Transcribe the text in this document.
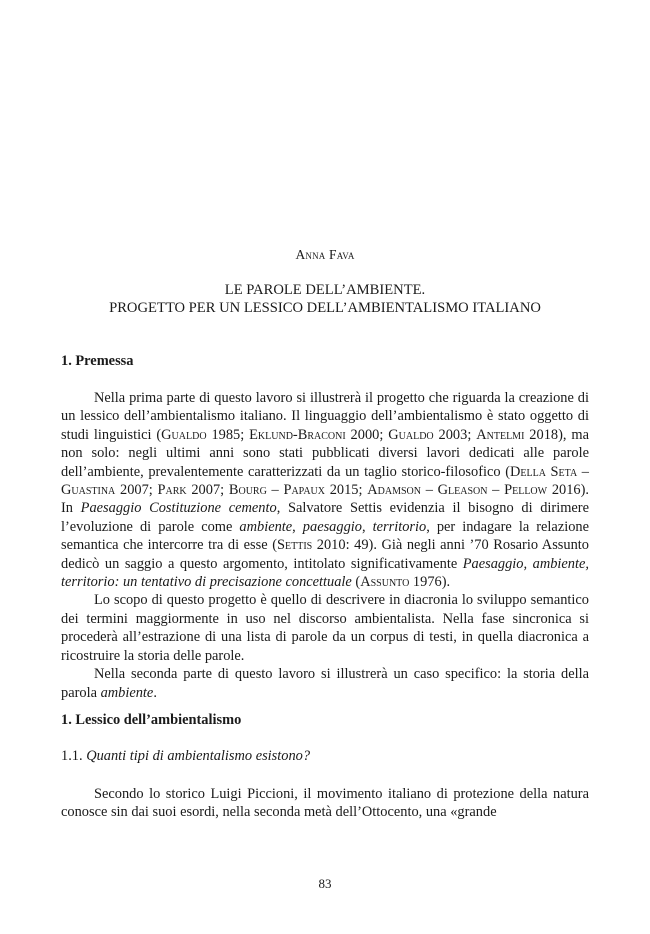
Anna Fava
LE PAROLE DELL’AMBIENTE.
PROGETTO PER UN LESSICO DELL’AMBIENTALISMO ITALIANO
1. Premessa

Nella prima parte di questo lavoro si illustrerà il progetto che riguarda la creazione di un lessico dell’ambientalismo italiano. Il linguaggio dell’ambientalismo è stato oggetto di studi linguistici (Gualdo 1985; Eklund-Braconi 2000; Gualdo 2003; Antelmi 2018), ma non solo: negli ultimi anni sono stati pubblicati diversi lavori dedicati alle parole dell’ambiente, prevalentemente caratterizzati da un taglio storico-filosofico (Della Seta – Guastina 2007; Park 2007; Bourg – Papaux 2015; Adamson – Gleason – Pellow 2016). In Paesaggio Costituzione cemento, Salvatore Settis evidenzia il bisogno di dirimere l’evoluzione di parole come ambiente, paesaggio, territorio, per indagare la relazione semantica che intercorre tra di esse (Settis 2010: 49). Già negli anni ’70 Rosario Assunto dedicò un saggio a questo argomento, intitolato significativamente Paesaggio, ambiente, territorio: un tentativo di precisazione concettuale (Assunto 1976).

Lo scopo di questo progetto è quello di descrivere in diacronia lo sviluppo semantico dei termini maggiormente in uso nel discorso ambientalista. Nella fase sincronica si procederà all’estrazione di una lista di parole da un corpus di testi, in quella diacronica a ricostruire la storia delle parole.

Nella seconda parte di questo lavoro si illustrerà un caso specifico: la storia della parola ambiente.

1. Lessico dell’ambientalismo
1.1. Quanti tipi di ambientalismo esistono?

Secondo lo storico Luigi Piccioni, il movimento italiano di protezione della natura conosce sin dai suoi esordi, nella seconda metà dell’Ottocento, una «grande

83
